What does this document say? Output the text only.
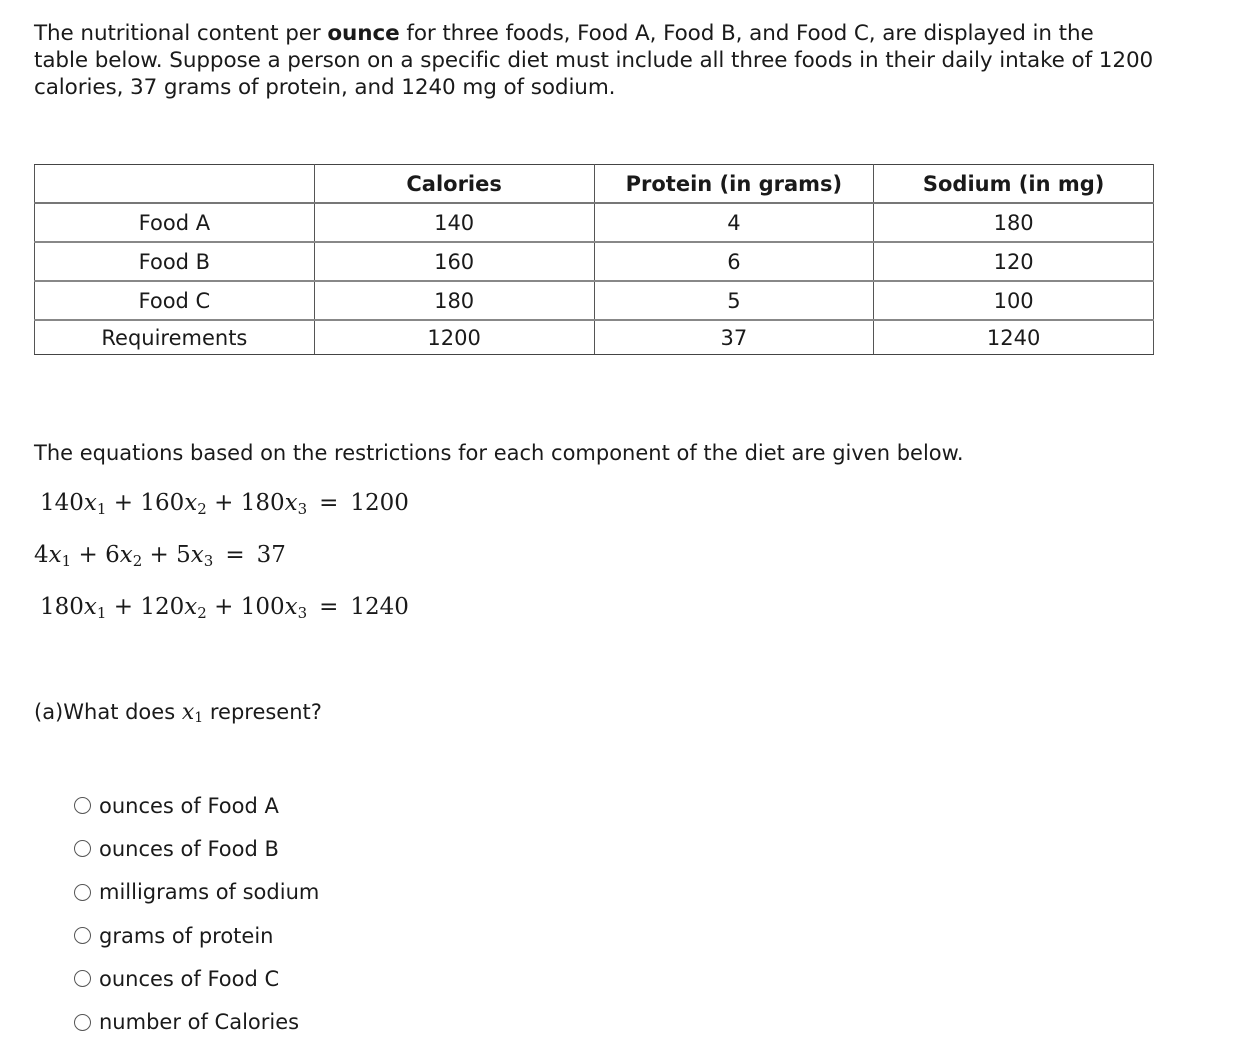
The nutritional content per ounce for three foods, Food A, Food B, and Food C, are displayed in the table below. Suppose a person on a specific diet must include all three foods in their daily intake of 1200 calories, 37 grams of protein, and 1240 mg of sodium.
	Calories	Protein (in grams)	Sodium (in mg)
Food A	140	4	180
Food B	160	6	120
Food C	180	5	100
Requirements	1200	37	1240
The equations based on the restrictions for each component of the diet are given below.
$140x_1 + 160x_2 + 180x_3 = 1200$
$4x_1 + 6x_2 + 5x_3 = 37$
$180x_1 + 120x_2 + 100x_3 = 1240$
(a)What does $x_1$ represent?
ounces of Food A
ounces of Food B
milligrams of sodium
grams of protein
ounces of Food C
number of Calories
